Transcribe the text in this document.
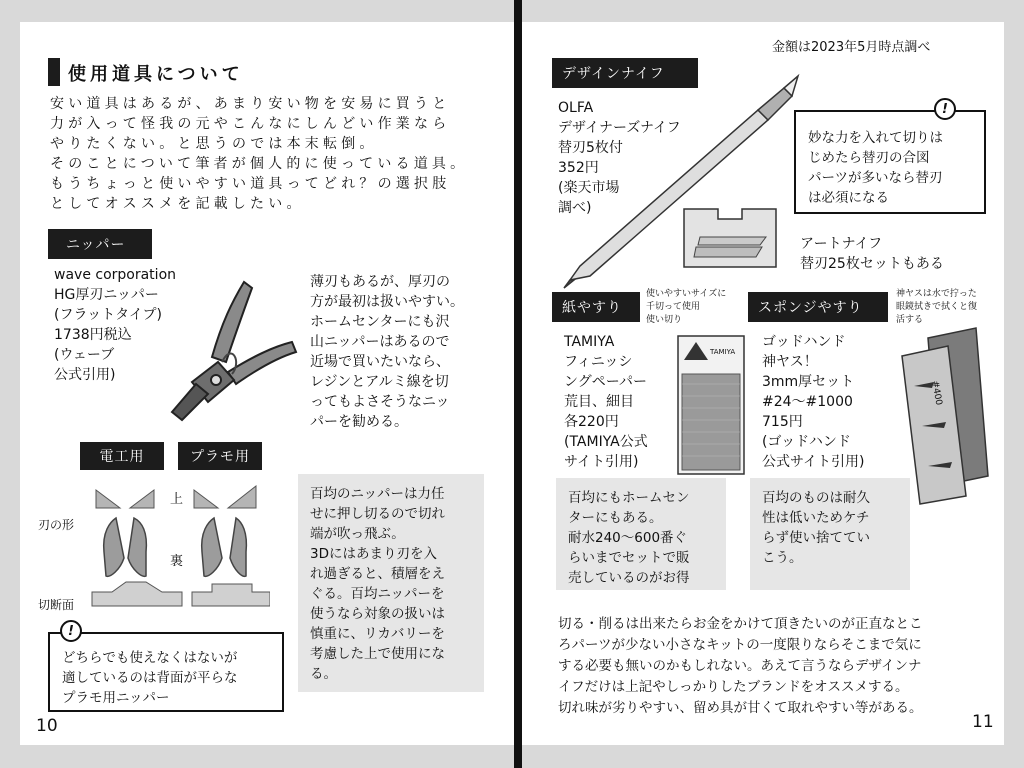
使用道具について
安い道具はあるが、あまり安い物を安易に買うと
力が入って怪我の元やこんなにしんどい作業なら
やりたくない。と思うのでは本末転倒。
そのことについて筆者が個人的に使っている道具。
もうちょっと使いやすい道具ってどれ？の選択肢
としてオススメを記載したい。
ニッパー
wave corporation
HG厚刃ニッパー
(フラットタイプ)
1738円税込
(ウェーブ
公式引用)
薄刃もあるが、厚刃の
方が最初は扱いやすい。
ホームセンターにも沢
山ニッパーはあるので
近場で買いたいなら、
レジンとアルミ線を切
ってもよさそうなニッ
パーを勧める。
電工用	プラモ用
刃の形
上
裏
切断面
どちらでも使えなくはないが
適しているのは背面が平らな
プラモ用ニッパー
!
百均のニッパーは力任
せに押し切るので切れ
端が吹っ飛ぶ。
3Dにはあまり刃を入
れ過ぎると、積層をえ
ぐる。百均ニッパーを
使うなら対象の扱いは
慎重に、リカバリーを
考慮した上で使用にな
る。
10
金額は2023年5月時点調べ
デザインナイフ
OLFA
デザイナーズナイフ
替刃5枚付
352円
(楽天市場
調べ)
妙な力を入れて切りは
じめたら替刃の合図
パーツが多いなら替刃
は必須になる
!
アートナイフ
替刃25枚セットもある
紙やすり
使いやすいサイズに
千切って使用
使い切り
TAMIYA
フィニッシ
ングペーパー
荒目、細目
各220円
(TAMIYA公式
サイト引用)
TAMIYA
百均にもホームセン
ターにもある。
耐水240〜600番ぐ
らいまでセットで販
売しているのがお得
スポンジやすり
神ヤスは水で拧った
眼鏡拭きで拭くと復
活する
ゴッドハンド
神ヤス！
3mm厚セット
#24〜#1000
715円
(ゴッドハンド
公式サイト引用)
#400
百均のものは耐久
性は低いためケチ
らず使い捨ててい
こう。
切る・削るは出来たらお金をかけて頂きたいのが正直なとこ
ろパーツが少ない小さなキットの一度限りならそこまで気に
する必要も無いのかもしれない。あえて言うならデザインナ
イフだけは上記やしっかりしたブランドをオススメする。
切れ味が劣りやすい、留め具が甘くて取れやすい等がある。
11
